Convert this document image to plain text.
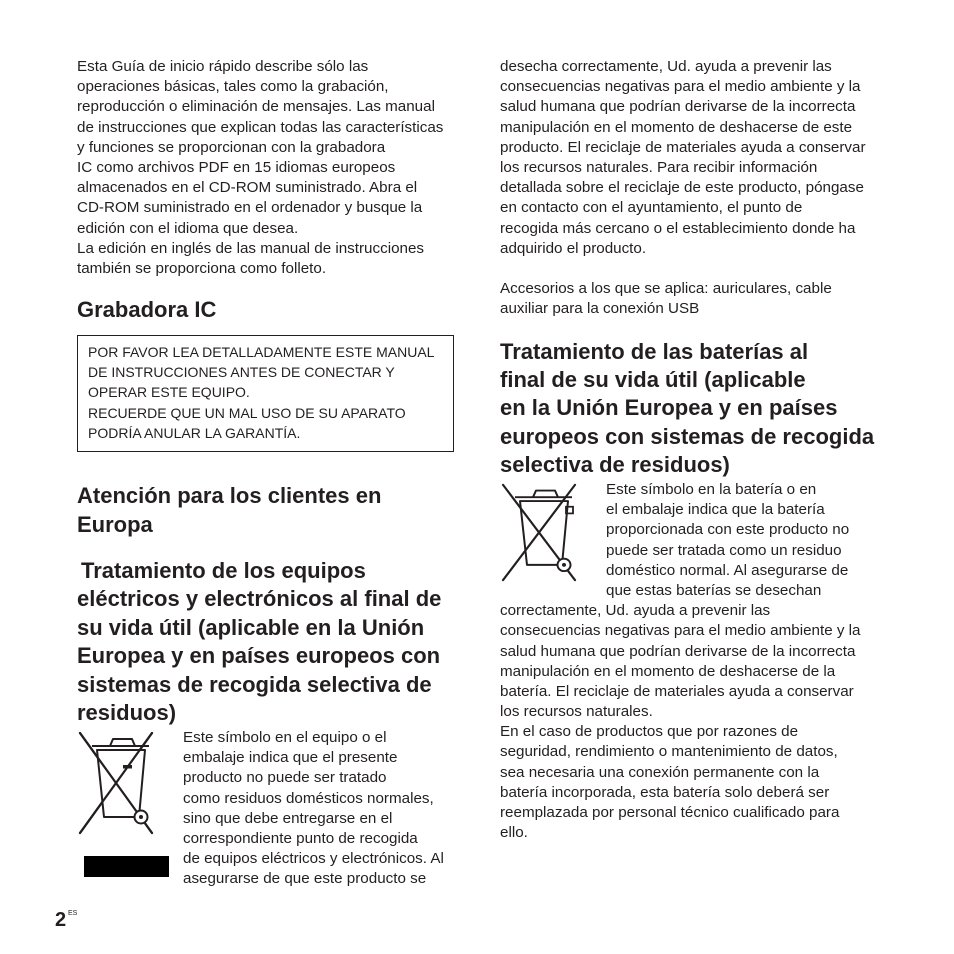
Esta Guía de inicio rápido describe sólo las
operaciones básicas, tales como la grabación,
reproducción o eliminación de mensajes. Las manual
de instrucciones que explican todas las características
y funciones se proporcionan con la grabadora
IC como archivos PDF en 15 idiomas europeos
almacenados en el CD-ROM suministrado. Abra el
CD-ROM suministrado en el ordenador y busque la
edición con el idioma que desea.
La edición en inglés de las manual de instrucciones
también se proporciona como folleto.
Grabadora IC
POR FAVOR LEA DETALLADAMENTE ESTE MANUAL
DE INSTRUCCIONES ANTES DE CONECTAR Y
OPERAR ESTE EQUIPO.
RECUERDE QUE UN MAL USO DE SU APARATO
PODRÍA ANULAR LA GARANTÍA.
Atención para los clientes en
Europa
Tratamiento de los equipos
eléctricos y electrónicos al final de
su vida útil (aplicable en la Unión
Europea y en países europeos con
sistemas de recogida selectiva de
residuos)
Este símbolo en el equipo o el
embalaje indica que el presente
producto no puede ser tratado
como residuos domésticos normales,
sino que debe entregarse en el
correspondiente punto de recogida
de equipos eléctricos y electrónicos. Al
asegurarse de que este producto se
desecha correctamente, Ud. ayuda a prevenir las
consecuencias negativas para el medio ambiente y la
salud humana que podrían derivarse de la incorrecta
manipulación en el momento de deshacerse de este
producto. El reciclaje de materiales ayuda a conservar
los recursos naturales. Para recibir información
detallada sobre el reciclaje de este producto, póngase
en contacto con el ayuntamiento, el punto de
recogida más cercano o el establecimiento donde ha
adquirido el producto.
Accesorios a los que se aplica: auriculares, cable
auxiliar para la conexión USB
Tratamiento de las baterías al
final de su vida útil (aplicable
en la Unión Europea y en países
europeos con sistemas de recogida
selectiva de residuos)
Este símbolo en la batería o en
el embalaje indica que la batería
proporcionada con este producto no
puede ser tratada como un residuo
doméstico normal. Al asegurarse de
que estas baterías se desechan
correctamente, Ud. ayuda a prevenir las
consecuencias negativas para el medio ambiente y la
salud humana que podrían derivarse de la incorrecta
manipulación en el momento de deshacerse de la
batería. El reciclaje de materiales ayuda a conservar
los recursos naturales.
En el caso de productos que por razones de
seguridad, rendimiento o mantenimiento de datos,
sea necesaria una conexión permanente con la
batería incorporada, esta batería solo deberá ser
reemplazada por personal técnico cualificado para
ello.
2 ES
